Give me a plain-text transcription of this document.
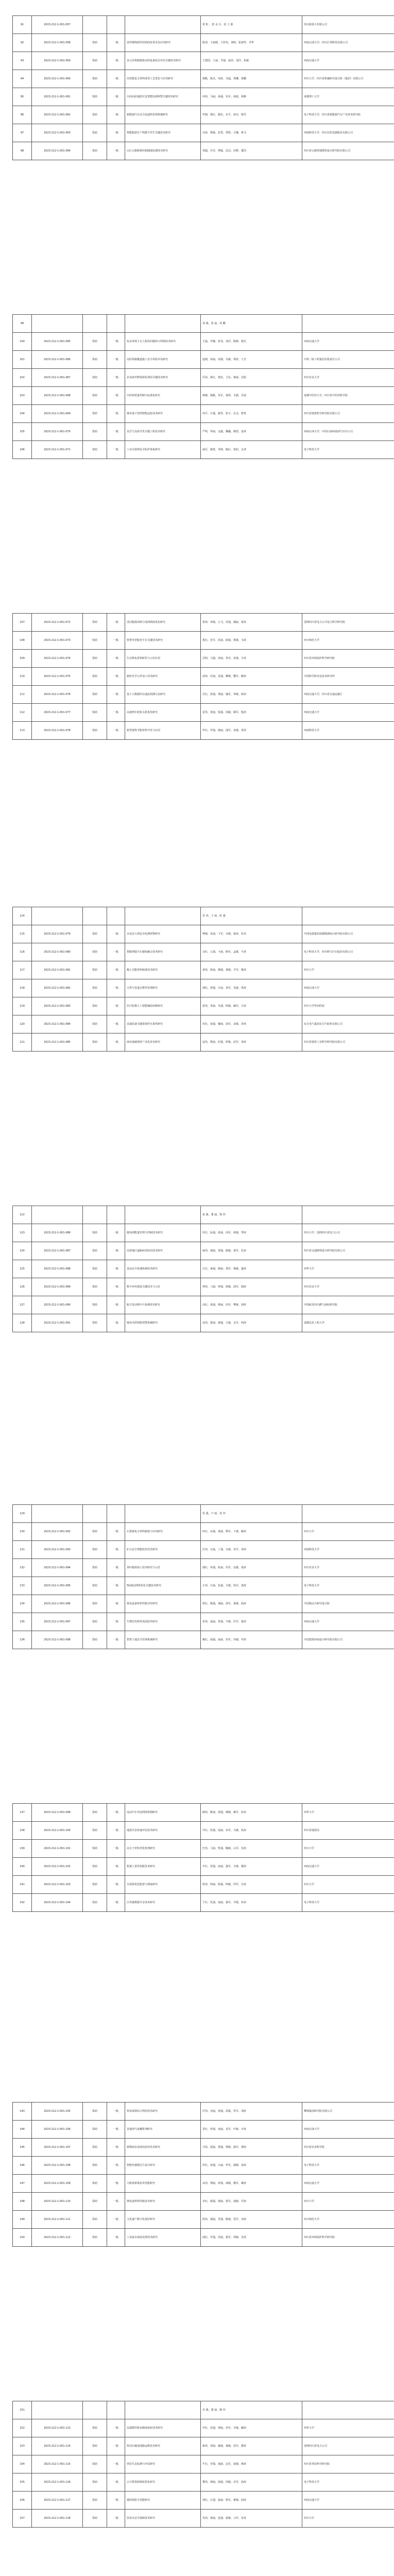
91	2023-212-1-001-057				常 虹 ，唐 永 行，张 立 源	四川源泰大有限公司
92	2023-212-1-001-058	资助	一般	柔性铜线组织结构的改善及其应用研究	陈清，王丽娟，王传伟，刘明，张建华，李华	西南石油大学，四川汇利科技有限公司
93	2023-212-1-001-059	资助	一般	多元异构数据驱动的设备状态评估关键技术研究	王建国，王丽，李强，赵伟，刘洋，张敏	西南交通大学
94	2023-212-1-001-060	资助	一般	高性能复合材料成型工艺优化与应用研究	杨帆，陈杰，周涛，吴磊，郑琳，黄鹏	四川大学，四川省机械研究设计院（集团）有限公司
95	2023-212-1-001-061	资助	一般	川西高原地质灾害智能监测预警关键技术研究	何伟，马丽，孙强，朱军，胡波，林静	成都理工大学
96	2023-212-1-001-062	资助	一般	新能源汽车动力电池热管理系统研究	罗刚，梁红，谢东，宋平，唐亮，韩雪	电子科技大学，四川省新能源汽车产业技术研究院
97	2023-212-1-001-063	资助	一般	智能制造生产线数字孪生关键技术研究	冯涛，曹敏，彭勇，曾辉，吕娜，蒋飞	西南科技大学，四川长虹电器股份有限公司
98	2023-212-1-001-064	资助	一般	山区公路桥梁结构健康监测技术研究	邓超，许芳，傅斌，沈洁，田野，董浩	四川省公路规划勘察设计研究院有限公司
99					刘 强，张 丽，周 鹏	
100	2023-212-1-001-065	资助	一般	复杂环境下无人机协同感知与控制技术研究	王磊，李娜，张伟，刘洋，陈静，杨光	西南交通大学
101	2023-212-1-001-066	资助	一般	高原铁路隧道施工安全风险评估研究	赵刚，孙丽，周强，吴敏，郑涛，王芳	中铁二院工程集团有限责任公司
102	2023-212-1-001-067	资助	一般	农业废弃物资源化利用关键技术研究	冯伟，陈红，褚杰，卫东，蒋丽，沈阳	四川农业大学
103	2023-212-1-001-068	资助	一般	中药材质量控制与标准化研究	韩梅，杨帆，朱军，秦岭，尤静，许晨	成都中医药大学，四川省中医药科学院
104	2023-212-1-001-069	资助	一般	城市地下管网智能巡检技术研究	何平，吕强，施华，张宇，孔亮，曹勇	四川省建筑科学研究院有限公司
105	2023-212-1-001-070	资助	一般	页岩气高效开发关键工程技术研究	严明，华丽，金鑫，魏巍，陶然，姜涛	西南石油大学，中国石油西南油气田分公司
106	2023-212-1-001-071	资助	一般	工业互联网安全防护体系研究	戚军，谢勇，邹林，喻红，柏松，水清	电子科技大学
107	2023-212-1-001-072	资助	一般	清洁能源消纳与电网调度优化研究	窦伟，章敏，云飞，苏强，潘丽，葛涛	国网四川省电力公司电力科学研究院
108	2023-212-1-001-073	资助	一般	智慧养老服务平台关键技术研究	奚红，范军，彭丽，郎强，鲁敏，韦涛	四川师范大学
109	2023-212-1-001-074	资助	一般	生态修复材料研发与示范应用	昌明，马强，苗丽，凤军，花敏，方涛	四川省环境保护科学研究院
110	2023-212-1-001-075	资助	一般	精密光学元件加工技术研究	俞伟，任丽，袁强，柳敏，酆军，鲍涛	中国科学院光电技术研究所
111	2023-212-1-001-076	资助	一般	基于大数据的交通流预测方法研究	史红，唐强，费丽，廉军，岑敏，薛涛	西南交通大学，四川省交通运输厅
112	2023-212-1-001-077	资助	一般	高速列车轮轨关系优化研究	雷伟，贺丽，倪强，汤敏，滕军，殷涛	西南交通大学
113	2023-212-1-001-078	资助	一般	新型建筑节能材料开发与应用	罗红，毕强，郝丽，邬军，安敏，常涛	西南科技大学
114					乐 伟，于 丽，时 强	
115	2023-212-1-001-079	资助	一般	水电站大坝安全监测预警研究	傅强，皮丽，卞军，齐敏，康涛，伍伟	中国电建集团成都勘测设计研究院有限公司
116	2023-212-1-001-080	资助	一般	智能网联汽车感知融合技术研究	余红，元强，卜丽，顾军，孟敏，平涛	电子科技大学，四川野马汽车股份有限公司
117	2023-212-1-001-081	资助	一般	稀土功能材料制备技术研究	黄伟，和丽，穆强，萧敏，尹军，姚涛	四川大学
118	2023-212-1-001-082	资助	一般	天然气管道完整性管理研究	邵红，湛强，汪丽，祁军，毛敏，禹涛	西南石油大学
119	2023-212-1-001-083	资助	一般	医疗影像人工智能辅助诊断研究	狄伟，米丽，贝强，明敏，臧军，计涛	四川大学华西医院
120	2023-212-1-001-084	资助	一般	高端装备关键零部件可靠性研究	伏红，成强，戴丽，谈军，宋敏，茅涛	东方电气集团东方汽轮机有限公司
121	2023-212-1-001-085	资助	一般	绿色低碳建材产业化技术研究	庞伟，熊丽，纪强，舒敏，屈军，项涛	四川省建材工业科学研究院有限公司
122					祝 强，董 丽，梁 伟	
123	2023-212-1-001-086	资助	一般	微电网能量管理与控制技术研究	杜红，阮强，蓝丽，闵军，席敏，季涛	四川大学，国网四川省电力公司
124	2023-212-1-001-087	资助	一般	高寒地区道路病害防治技术研究	麻伟，强丽，贾强，路敏，娄军，危涛	四川省交通勘察设计研究院有限公司
125	2023-212-1-001-088	资助	一般	食品安全快速检测技术研究	江红，童强，颜丽，郭军，梅敏，盛涛	西华大学
126	2023-212-1-001-089	资助	一般	数字乡村建设关键技术与示范	林伟，刁丽，钟强，徐敏，邱军，骆涛	四川农业大学
127	2023-212-1-001-090	资助	一般	航空发动机叶片检测技术研究	高红，夏强，蔡丽，田军，樊敏，胡涛	中国航发四川燃气涡轮研究院
128	2023-212-1-001-091	资助	一般	城市内涝智能预警系统研究	凌伟，霍丽，虞强，万敏，支军，柯涛	成都信息工程大学
129					管 强，卢 丽，莫 伟	
130	2023-212-1-001-092	资助	一般	石墨烯复合材料制备与应用研究	经红，房强，裘丽，缪军，干敏，解涛	四川大学
131	2023-212-1-001-093	资助	一般	矿山安全智能监控技术研究	应伟，宗丽，丁强，宣敏，贲军，邓涛	西南科技大学
132	2023-212-1-001-094	资助	一般	茶叶精深加工技术研究与示范	郁红，单强，杭丽，洪军，包敏，诸涛	四川农业大学
133	2023-212-1-001-095	资助	一般	5G通信网络优化关键技术研究	左伟，石丽，崔强，吉敏，钮军，龚涛	电子科技大学
134	2023-212-1-001-096	资助	一般	核电设备材料性能评价研究	程红，嵇强，邢丽，滑军，裴敏，陆涛	中国核动力研究设计院
135	2023-212-1-001-097	资助	一般	生物医用材料表面改性研究	荣伟，翁丽，荀强，羊敏，於军，惠涛	西南交通大学
136	2023-212-1-001-098	资助	一般	智慧工地安全管理系统研究	甄红，曲强，家丽，封军，芮敏，羿涛	中国建筑西南设计研究院有限公司
137	2023-212-1-001-099	资助	一般	电动汽车充电网络规划研究	储伟，靳丽，汲强，邴敏，糜军，松涛	西华大学
138	2023-212-1-001-100	资助	一般	地震灾害快速评估技术研究	井红，段强，富丽，巫军，乌敏，焦涛	四川省地震局
139	2023-212-1-001-101	资助	一般	高分子材料老化机理研究	巴伟，弓丽，牧强，隗敏，山军，谷涛	四川大学
140	2023-212-1-001-102	资助	一般	机器人柔性装配技术研究	车红，侯强，宓丽，蓬军，全敏，郗涛	西南交通大学
141	2023-212-1-001-103	资助	一般	水资源优化配置与调度研究	班伟，仰丽，秋强，仲敏，伊军，宫涛	四川大学
142	2023-212-1-001-104	资助	一般	区块链数据共享技术研究	宁红，仇强，栾丽，暴军，甘敏，钭涛	电子科技大学
143	2023-212-1-001-105	资助	一般	钒钛资源综合利用技术研究	厉伟，戎丽，祖强，武敏，符军，刘涛	攀钢集团研究院有限公司
144	2023-212-1-001-106	资助	一般	盆地油气成藏机理研究	景红，詹强，束丽，龙军，叶敏，幸涛	西南石油大学
145	2023-212-1-001-107	资助	一般	植物病虫害绿色防控技术研究	司伟，韶丽，郜强，黎敏，蓟军，薄涛	四川省农业科学院
146	2023-212-1-001-108	资助	一般	智能传感器芯片设计研究	印红，宿强，白丽，怀军，蒲敏，邰涛	电子科技大学
147	2023-212-1-001-109	资助	一般	大跨度桥梁抗风性能研究	从伟，鄂丽，索强，咸敏，籍军，赖涛	西南交通大学
148	2023-212-1-001-110	资助	一般	锂电池材料回收技术研究	卓红，蔺强，屠丽，蒙军，池敏，乔涛	四川大学
149	2023-212-1-001-111	资助	一般	文化遗产数字化保护研究	阴伟，郁丽，胥强，能敏，苍军，双涛	四川师范大学
150	2023-212-1-001-112	资助	一般	工业废水深度处理技术研究	闻红，莘强，党丽，翟军，谭敏，贡涛	四川省环境保护科学研究院
151					劳 强，逄 丽，姬 伟	
152	2023-212-1-001-113	资助	一般	高端数控机床精度保持技术研究	申红，扶强，堵丽，冉军，宰敏，郦涛	西华大学
153	2023-212-1-001-114	资助	一般	特高压输电线路运维技术研究	雍伟，却丽，璩强，桑敏，桂军，濮涛	国网四川省电力公司
154	2023-212-1-001-115	资助	一般	草原生态监测与评估研究	牛红，寿强，通丽，边军，扈敏，燕涛	四川省草原科学研究院
155	2023-212-1-001-116	资助	一般	云计算资源调度优化研究	冀伟，郏丽，浦强，尚敏，农军，温涛	电子科技大学
156	2023-212-1-001-117	资助	一般	钢结构防火性能研究	别红，庄强，晏丽，柴军，瞿敏，阎涛	西南交通大学
157	2023-212-1-001-118	资助	一般	饮用水安全保障技术研究	充伟，慕丽，连强，茹敏，习军，宦涛	四川大学
